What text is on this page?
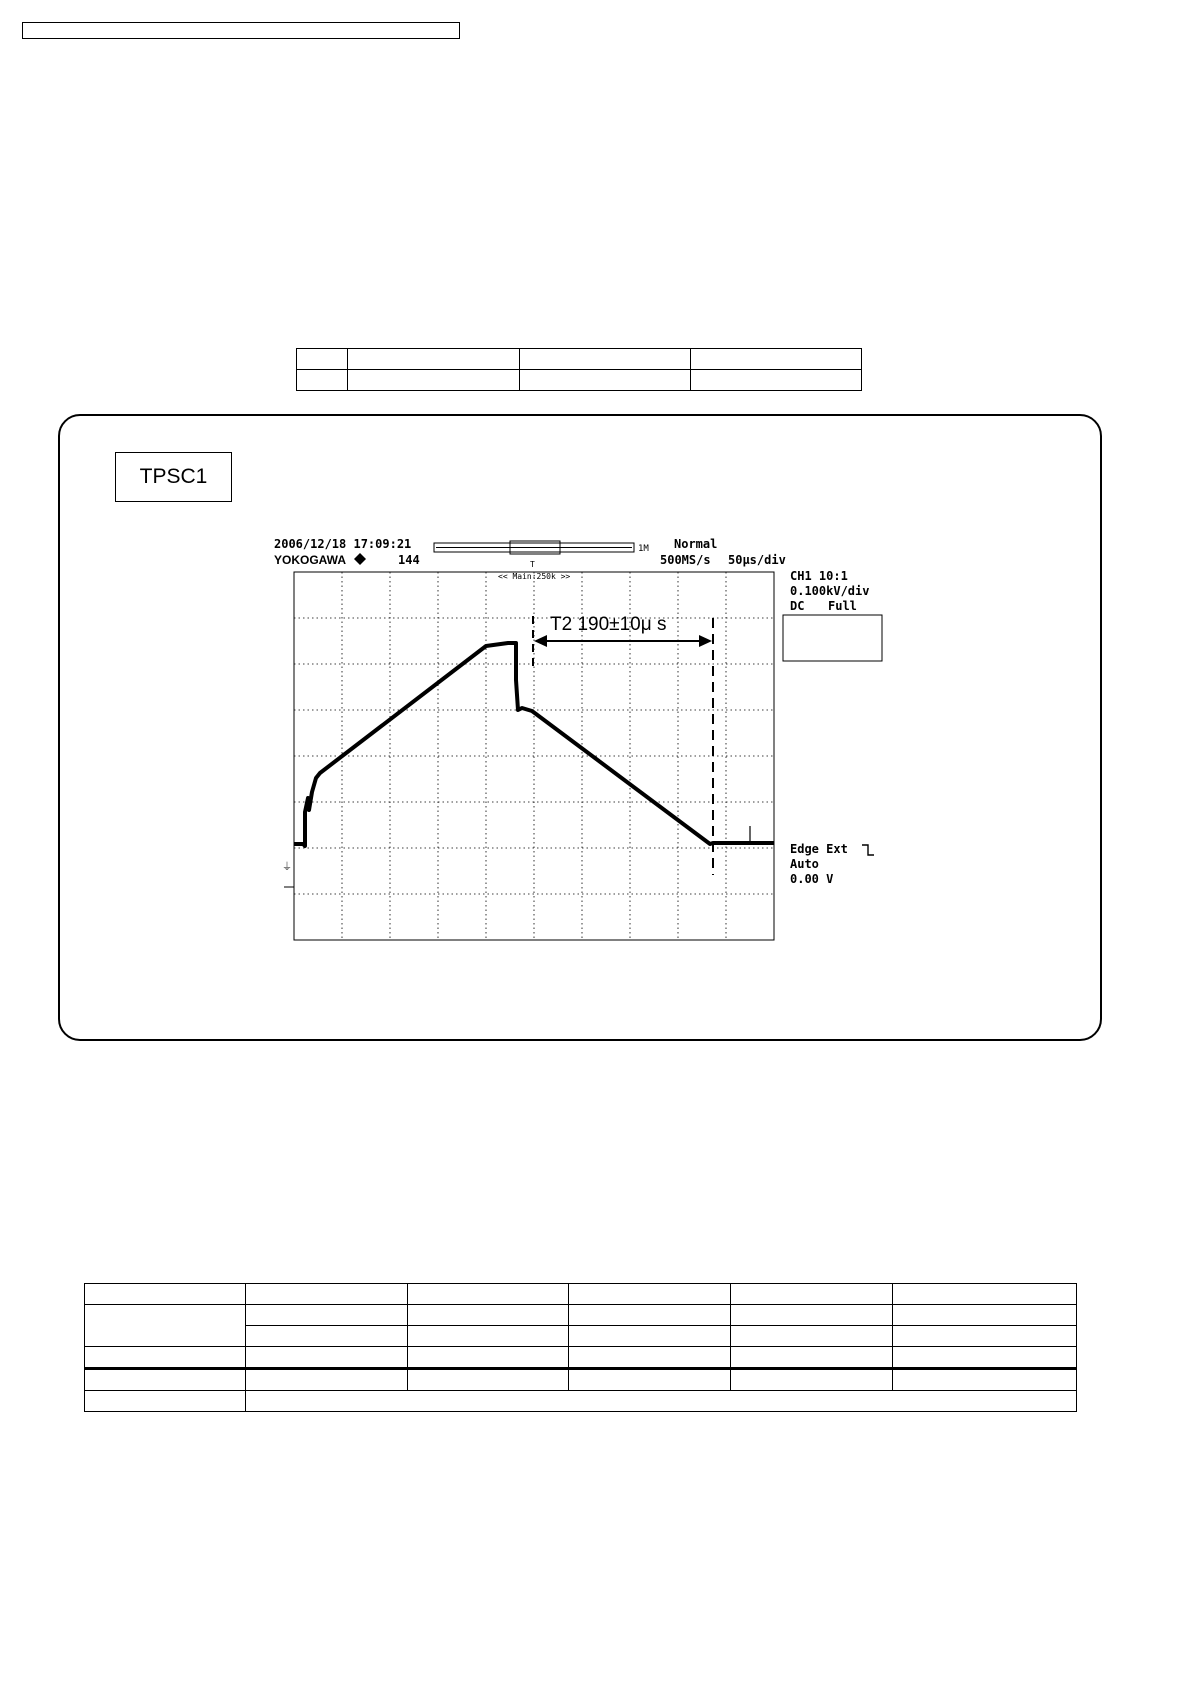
TPSC1
2006/12/18 17:09:21
YOKOGAWA	144
1M Normal
500MS/s 50µs/div
T
<< Main:250k >>
⏚
T2 190±10μ s
CH1 10:1
0.100kV/div
DC Full
Edge Ext
Auto
0.00 V
